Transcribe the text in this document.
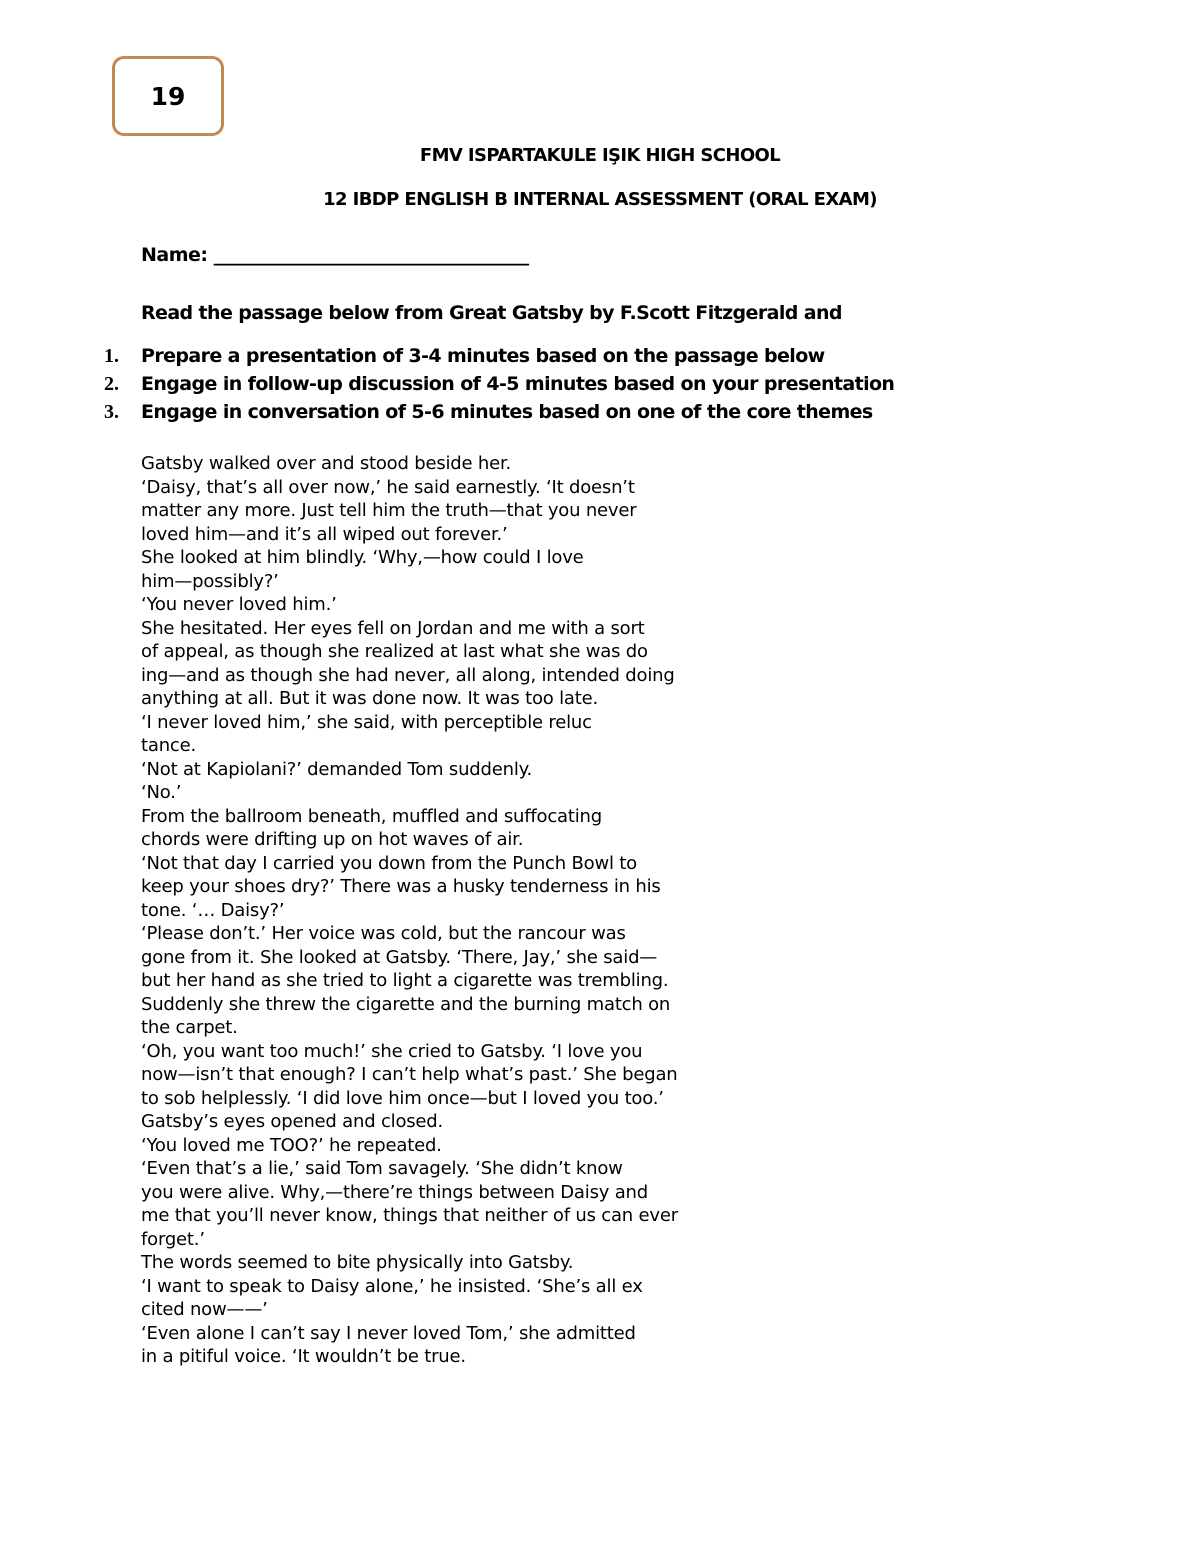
19
FMV ISPARTAKULE IŞIK HIGH SCHOOL
12 IBDP ENGLISH B INTERNAL ASSESSMENT (ORAL EXAM)
Name: ___________________________________
Read the passage below from Great Gatsby by F.Scott Fitzgerald and
1. Prepare a presentation of 3-4 minutes based on the passage below
2. Engage in follow-up discussion of 4-5 minutes based on your presentation
3. Engage in conversation of 5-6 minutes based on one of the core themes
Gatsby walked over and stood beside her.
‘Daisy, that’s all over now,’ he said earnestly. ‘It doesn’t
matter any more. Just tell him the truth—that you never
loved him—and it’s all wiped out forever.’
She looked at him blindly. ‘Why,—how could I love
him—possibly?’
‘You never loved him.’
She hesitated. Her eyes fell on Jordan and me with a sort
of appeal, as though she realized at last what she was do
ing—and as though she had never, all along, intended doing
anything at all. But it was done now. It was too late.
‘I never loved him,’ she said, with perceptible reluc
tance.
‘Not at Kapiolani?’ demanded Tom suddenly.
‘No.’
From the ballroom beneath, muffled and suffocating
chords were drifting up on hot waves of air.
‘Not that day I carried you down from the Punch Bowl to
keep your shoes dry?’ There was a husky tenderness in his
tone. ‘… Daisy?’
‘Please don’t.’ Her voice was cold, but the rancour was
gone from it. She looked at Gatsby. ‘There, Jay,’ she said—
but her hand as she tried to light a cigarette was trembling.
Suddenly she threw the cigarette and the burning match on
the carpet.
‘Oh, you want too much!’ she cried to Gatsby. ‘I love you
now—isn’t that enough? I can’t help what’s past.’ She began
to sob helplessly. ‘I did love him once—but I loved you too.’
Gatsby’s eyes opened and closed.
‘You loved me TOO?’ he repeated.
‘Even that’s a lie,’ said Tom savagely. ‘She didn’t know
you were alive. Why,—there’re things between Daisy and
me that you’ll never know, things that neither of us can ever
forget.’
The words seemed to bite physically into Gatsby.
‘I want to speak to Daisy alone,’ he insisted. ‘She’s all ex
cited now——’
‘Even alone I can’t say I never loved Tom,’ she admitted
in a pitiful voice. ‘It wouldn’t be true.
